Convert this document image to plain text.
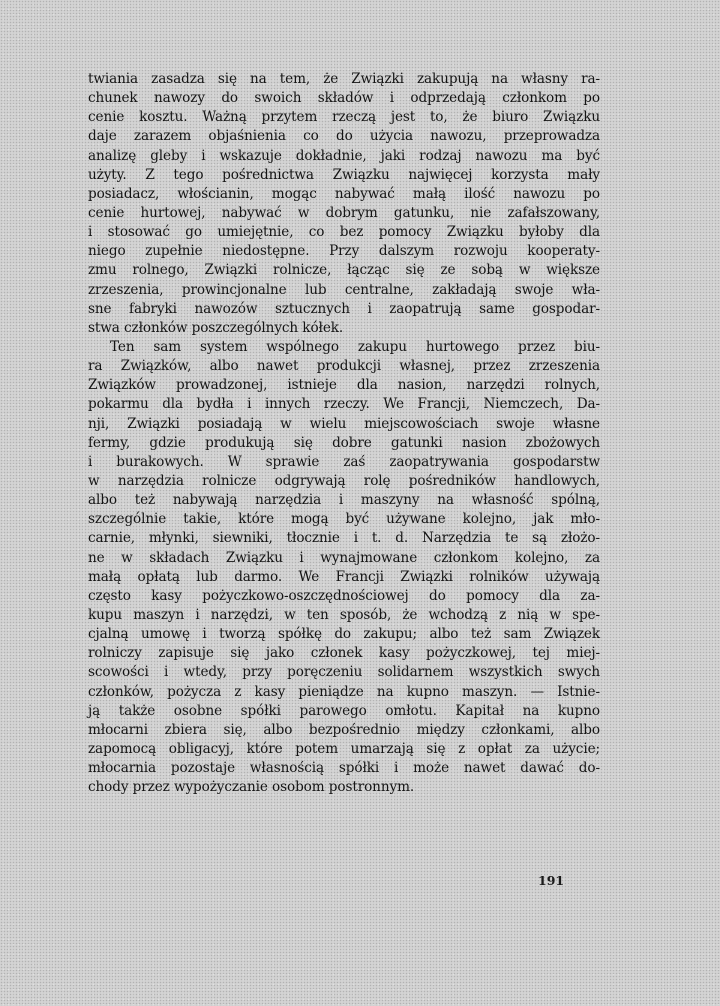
twiania zasadza się na tem, że Związki zakupują na własny ra-
chunek nawozy do swoich składów i odprzedają członkom po
cenie kosztu. Ważną przytem rzeczą jest to, że biuro Związku
daje zarazem objaśnienia co do użycia nawozu, przeprowadza
analizę gleby i wskazuje dokładnie, jaki rodzaj nawozu ma być
użyty. Z tego pośrednictwa Związku najwięcej korzysta mały
posiadacz, włościanin, mogąc nabywać małą ilość nawozu po
cenie hurtowej, nabywać w dobrym gatunku, nie zafałszowany,
i stosować go umiejętnie, co bez pomocy Związku byłoby dla
niego zupełnie niedostępne. Przy dalszym rozwoju kooperaty-
zmu rolnego, Związki rolnicze, łącząc się ze sobą w większe
zrzeszenia, prowincjonalne lub centralne, zakładają swoje wła-
sne fabryki nawozów sztucznych i zaopatrują same gospodar-
stwa członków poszczególnych kółek.
Ten sam system wspólnego zakupu hurtowego przez biu-
ra Związków, albo nawet produkcji własnej, przez zrzeszenia
Związków prowadzonej, istnieje dla nasion, narzędzi rolnych,
pokarmu dla bydła i innych rzeczy. We Francji, Niemczech, Da-
nji, Związki posiadają w wielu miejscowościach swoje własne
fermy, gdzie produkują się dobre gatunki nasion zbożowych
i burakowych. W sprawie zaś zaopatrywania gospodarstw
w narzędzia rolnicze odgrywają rolę pośredników handlowych,
albo też nabywają narzędzia i maszyny na własność spólną,
szczególnie takie, które mogą być używane kolejno, jak mło-
carnie, młynki, siewniki, tłocznie i t. d. Narzędzia te są złożo-
ne w składach Związku i wynajmowane członkom kolejno, za
małą opłatą lub darmo. We Francji Związki rolników używają
często kasy pożyczkowo-oszczędnościowej do pomocy dla za-
kupu maszyn i narzędzi, w ten sposób, że wchodzą z nią w spe-
cjalną umowę i tworzą spółkę do zakupu; albo też sam Związek
rolniczy zapisuje się jako członek kasy pożyczkowej, tej miej-
scowości i wtedy, przy poręczeniu solidarnem wszystkich swych
członków, pożycza z kasy pieniądze na kupno maszyn. — Istnie-
ją także osobne spółki parowego omłotu. Kapitał na kupno
młocarni zbiera się, albo bezpośrednio między członkami, albo
zapomocą obligacyj, które potem umarzają się z opłat za użycie;
młocarnia pozostaje własnością spółki i może nawet dawać do-
chody przez wypożyczanie osobom postronnym.
191
